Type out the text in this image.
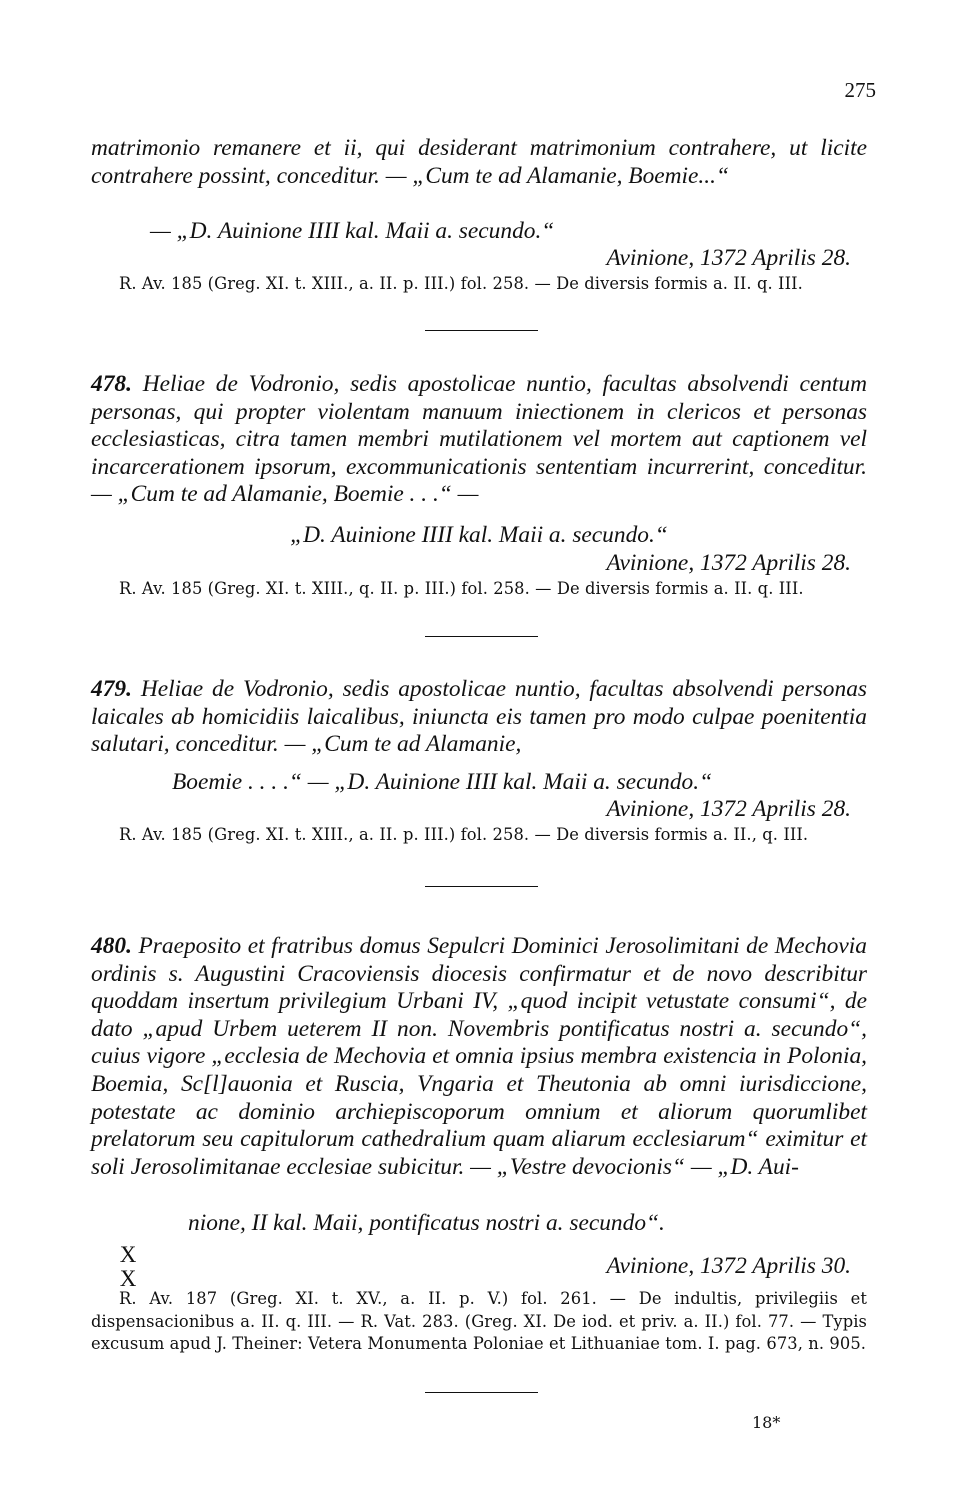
275

matrimonio remanere et ii, qui desiderant matrimonium contrahere, ut licite contrahere possint, conceditur. — „Cum te ad Alamanie, Boemie...“

— „D. Auinione IIII kal. Maii a. secundo.“
Avinione, 1372 Aprilis 28.

R. Av. 185 (Greg. XI. t. XIII., a. II. p. III.) fol. 258. — De diversis formis a. II. q. III.

478. Heliae de Vodronio, sedis apostolicae nuntio, facultas absolvendi centum personas, qui propter violentam manuum iniectionem in clericos et personas ecclesiasticas, citra tamen membri mutilationem vel mortem aut captionem vel incarcerationem ipsorum, excommunicationis sententiam incurrerint, conceditur. — „Cum te ad Alamanie, Boemie . . .“ —

„D. Auinione IIII kal. Maii a. secundo.“
Avinione, 1372 Aprilis 28.

R. Av. 185 (Greg. XI. t. XIII., q. II. p. III.) fol. 258. — De diversis formis a. II. q. III.

479. Heliae de Vodronio, sedis apostolicae nuntio, facultas absolvendi personas laicales ab homicidiis laicalibus, iniuncta eis tamen pro modo culpae poenitentia salutari, conceditur. — „Cum te ad Alamanie,

Boemie . . . .“ — „D. Auinione IIII kal. Maii a. secundo.“
Avinione, 1372 Aprilis 28.

R. Av. 185 (Greg. XI. t. XIII., a. II. p. III.) fol. 258. — De diversis formis a. II., q. III.

480. Praeposito et fratribus domus Sepulcri Dominici Jerosolimitani de Mechovia ordinis s. Augustini Cracoviensis diocesis confirmatur et de novo describitur quoddam insertum privilegium Urbani IV, „quod incipit vetustate consumi“, de dato „apud Urbem ueterem II non. Novembris pontificatus nostri a. secundo“, cuius vigore „ecclesia de Mechovia et omnia ipsius membra existencia in Polonia, Boemia, Sc[l]auonia et Ruscia, Vngaria et Theutonia ab omni iurisdiccione, potestate ac dominio archiepiscoporum omnium et aliorum quorumlibet prelatorum seu capitulorum cathedralium quam aliarum ecclesiarum“ eximitur et soli Jerosolimitanae ecclesiae subicitur. — „Vestre devocionis“ — „D. Aui-

nione, II kal. Maii, pontificatus nostri a. secundo“.
X
X	Avinione, 1372 Aprilis 30.

R. Av. 187 (Greg. XI. t. XV., a. II. p. V.) fol. 261. — De indultis, privilegiis et dispensacionibus a. II. q. III. — R. Vat. 283. (Greg. XI. De iod. et priv. a. II.) fol. 77. — Typis excusum apud J. Theiner: Vetera Monumenta Poloniae et Lithuaniae tom. I. pag. 673, n. 905.

18*
